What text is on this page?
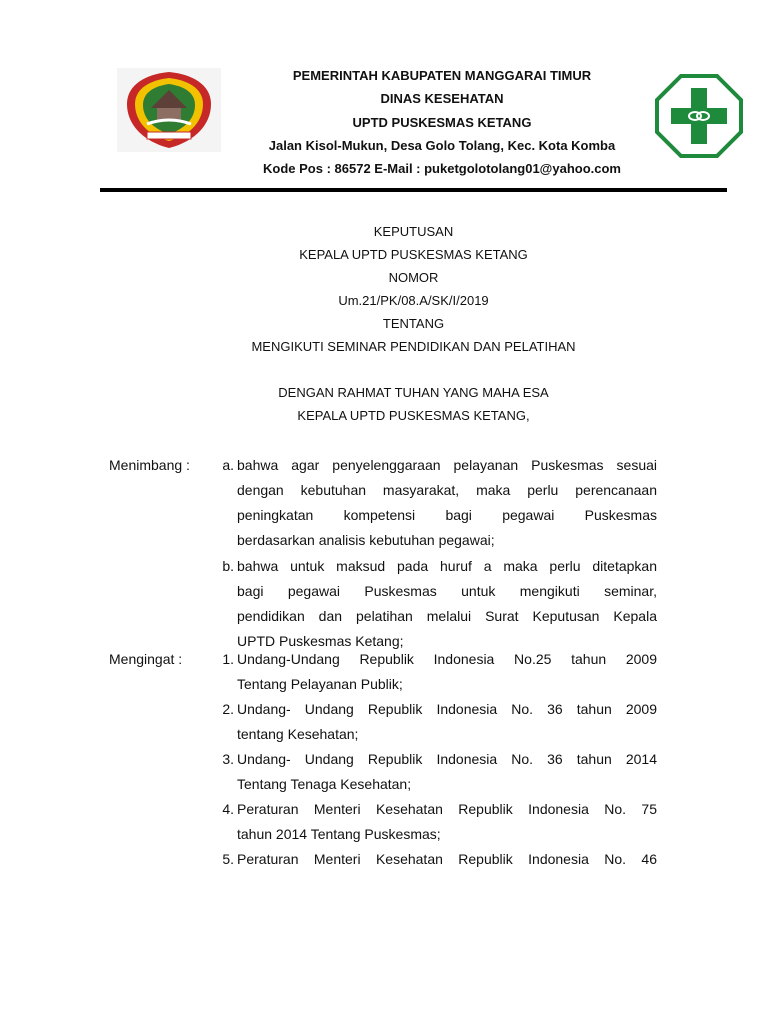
PEMERINTAH KABUPATEN MANGGARAI TIMUR
DINAS KESEHATAN
UPTD PUSKESMAS KETANG
Jalan Kisol-Mukun, Desa Golo Tolang, Kec. Kota Komba
Kode Pos : 86572 E-Mail : puketgolotolang01@yahoo.com
KEPUTUSAN
KEPALA UPTD PUSKESMAS KETANG
NOMOR
Um.21/PK/08.A/SK/I/2019
TENTANG
MENGIKUTI SEMINAR PENDIDIKAN DAN PELATIHAN
DENGAN RAHMAT TUHAN YANG MAHA ESA
KEPALA UPTD PUSKESMAS KETANG,
Menimbang :	a. bahwa agar penyelenggaraan pelayanan Puskesmas sesuai
dengan kebutuhan masyarakat, maka perlu perencanaan
peningkatan kompetensi bagi pegawai Puskesmas
berdasarkan analisis kebutuhan pegawai;
b. bahwa untuk maksud pada huruf a maka perlu ditetapkan
bagi pegawai Puskesmas untuk mengikuti seminar,
pendidikan dan pelatihan melalui Surat Keputusan Kepala
UPTD Puskesmas Ketang;
Mengingat :	1. Undang-Undang Republik Indonesia No.25 tahun 2009
Tentang Pelayanan Publik;
2. Undang- Undang Republik Indonesia No. 36 tahun 2009
tentang Kesehatan;
3. Undang- Undang Republik Indonesia No. 36 tahun 2014
Tentang Tenaga Kesehatan;
4. Peraturan Menteri Kesehatan Republik Indonesia No. 75
tahun 2014 Tentang Puskesmas;
5. Peraturan Menteri Kesehatan Republik Indonesia No. 46
